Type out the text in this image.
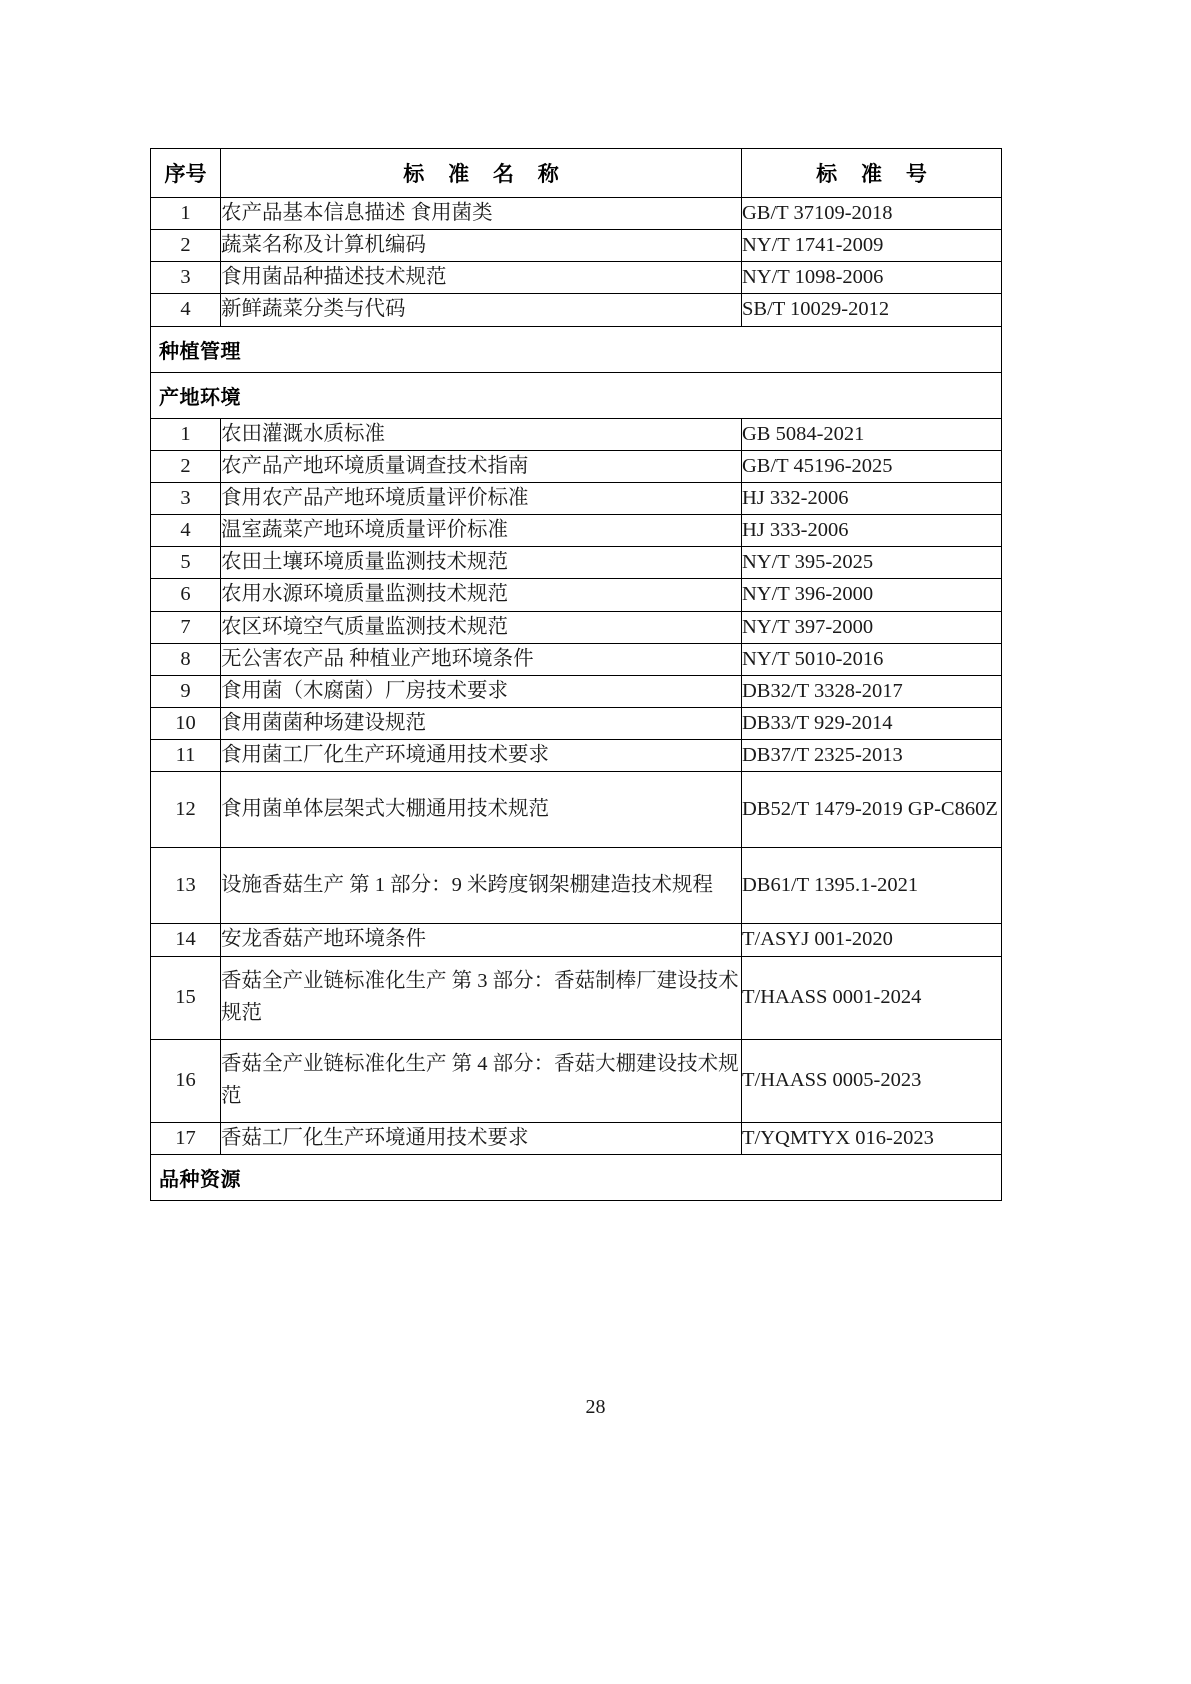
序号	标 准 名 称	标 准 号
1	农产品基本信息描述 食用菌类	GB/T 37109-2018
2	蔬菜名称及计算机编码	NY/T 1741-2009
3	食用菌品种描述技术规范	NY/T 1098-2006
4	新鲜蔬菜分类与代码	SB/T 10029-2012
种植管理		
产地环境		
1	农田灌溉水质标准	GB 5084-2021
2	农产品产地环境质量调查技术指南	GB/T 45196-2025
3	食用农产品产地环境质量评价标准	HJ 332-2006
4	温室蔬菜产地环境质量评价标准	HJ 333-2006
5	农田土壤环境质量监测技术规范	NY/T 395-2025
6	农用水源环境质量监测技术规范	NY/T 396-2000
7	农区环境空气质量监测技术规范	NY/T 397-2000
8	无公害农产品 种植业产地环境条件	NY/T 5010-2016
9	食用菌（木腐菌）厂房技术要求	DB32/T 3328-2017
10	食用菌菌种场建设规范	DB33/T 929-2014
11	食用菌工厂化生产环境通用技术要求	DB37/T 2325-2013
12	食用菌单体层架式大棚通用技术规范	DB52/T 1479-2019 GP-C860Z
13	设施香菇生产 第 1 部分：9 米跨度钢架棚建造技术规程	DB61/T 1395.1-2021
14	安龙香菇产地环境条件	T/ASYJ 001-2020
15	香菇全产业链标准化生产 第 3 部分：香菇制棒厂建设技术规范	T/HAASS 0001-2024
16	香菇全产业链标准化生产 第 4 部分：香菇大棚建设技术规范	T/HAASS 0005-2023
17	香菇工厂化生产环境通用技术要求	T/YQMTYX 016-2023
品种资源		
28
